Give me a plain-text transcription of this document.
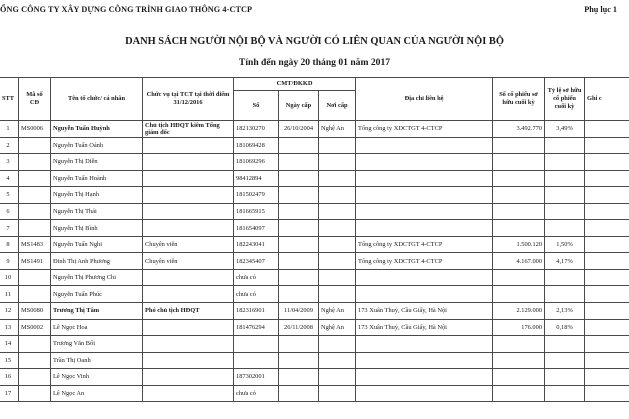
ỔNG CÔNG TY XÂY DỰNG CÔNG TRÌNH GIAO THÔNG 4-CTCP	Phụ lục 1
DANH SÁCH NGƯỜI NỘI BỘ VÀ NGƯỜI CÓ LIÊN QUAN CỦA NGƯỜI NỘI BỘ
Tính đến ngày 20 tháng 01 năm 2017
STT	Mã số CĐ	Tên tổ chức/ cá nhân	Chức vụ tại TCT tại thời điểm 31/12/2016	CMT/ĐKKD			Địa chỉ liên hệ	Số cổ phiếu sở hữu cuối kỳ	Tỷ lệ sở hữu cổ phiếu cuối kỳ	Ghi c
				Số	Ngày cấp	Nơi cấp				
1	MS0006	Nguyễn Tuấn Huỳnh	Chủ tịch HĐQT kiêm Tổng giám đốc	182130270	26/10/2004	Nghệ An	Tổng công ty XDCTGT 4-CTCP	3.492.770	3,49%	
2		Nguyễn Tuấn Oánh		181069428						
3		Nguyễn Thị Diễn		181069296						
4		Nguyễn Tuấn Hoành		98412894						
5		Nguyễn Thị Hạnh		181502479						
6		Nguyễn Thị Thái		181665915						
7		Nguyễn Thị Bình		181654097						
8	MS1483	Nguyễn Tuấn Nghi	Chuyên viên	182243041			Tổng công ty XDCTGT 4-CTCP	1.500.120	1,50%	
9	MS1491	Đinh Thị Anh Phương	Chuyên viên	182345407			Tổng công ty XDCTGT 4-CTCP	4.167.000	4,17%	
10		Nguyễn Thị Phương Chi		chưa có						
11		Nguyễn Tuấn Phúc		chưa có						
12	MS0080	Trương Thị Tâm	Phó chủ tịch HĐQT	182316901	11/04/2009	Nghệ An	173 Xuân Thuỷ, Cầu Giấy, Hà Nội	2.129.000	2,13%	
13	MS0002	Lê Ngọc Hoa		181476294	26/11/2008	Nghệ An	173 Xuân Thuỷ, Cầu Giấy, Hà Nội	176.000	0,18%	
14		Trương Văn Bối								
15		Trần Thị Oanh								
16		Lê Ngọc Vinh		187302001						
17		Lê Ngọc An		chưa có						
